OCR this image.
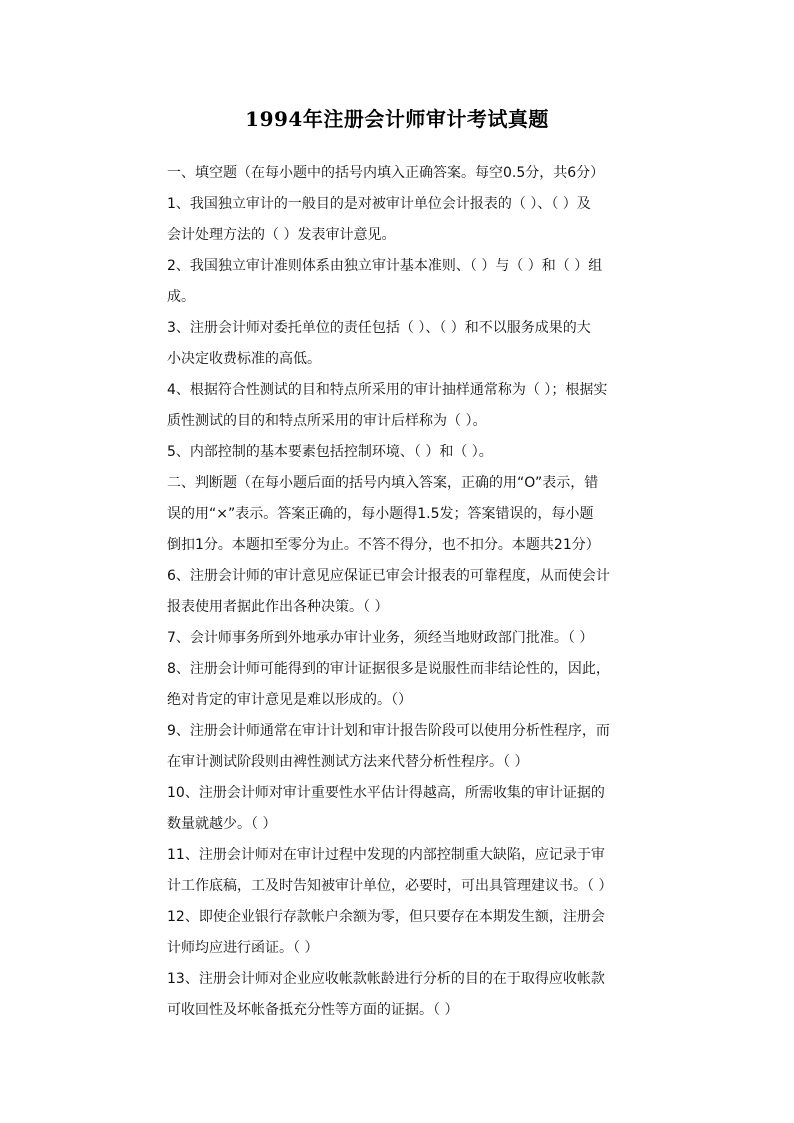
1994年注册会计师审计考试真题
一、填空题（在每小题中的括号内填入正确答案。每空0.5分，共6分）
1、我国独立审计的一般目的是对被审计单位会计报表的（ ）、（ ）及
会计处理方法的（ ）发表审计意见。
2、我国独立审计准则体系由独立审计基本准则、（ ）与（ ）和（ ）组
成。
3、注册会计师对委托单位的责任包括（ ）、（ ）和不以服务成果的大
小决定收费标准的高低。
4、根据符合性测试的目和特点所采用的审计抽样通常称为（ ）；根据实
质性测试的目的和特点所采用的审计后样称为（ ）。
5、内部控制的基本要素包括控制环境、（ ）和（ ）。
二、判断题（在每小题后面的括号内填入答案，正确的用“O”表示，错
误的用“×”表示。答案正确的，每小题得1.5发；答案错误的，每小题
倒扣1分。本题扣至零分为止。不答不得分，也不扣分。本题共21分）
6、注册会计师的审计意见应保证已审会计报表的可靠程度，从而使会计
报表使用者据此作出各种决策。（ ）
7、会计师事务所到外地承办审计业务，须经当地财政部门批准。（ ）
8、注册会计师可能得到的审计证据很多是说服性而非结论性的，因此，
绝对肯定的审计意见是难以形成的。（）
9、注册会计师通常在审计计划和审计报告阶段可以使用分析性程序，而
在审计测试阶段则由裨性测试方法来代替分析性程序。（ ）
10、注册会计师对审计重要性水平估计得越高，所需收集的审计证据的
数量就越少。（ ）
11、注册会计师对在审计过程中发现的内部控制重大缺陷，应记录于审
计工作底稿，工及时告知被审计单位，必要时，可出具管理建议书。（ ）
12、即使企业银行存款帐户余额为零，但只要存在本期发生额，注册会
计师均应进行函证。（ ）
13、注册会计师对企业应收帐款帐龄进行分析的目的在于取得应收帐款
可收回性及坏帐备抵充分性等方面的证据。（ ）
